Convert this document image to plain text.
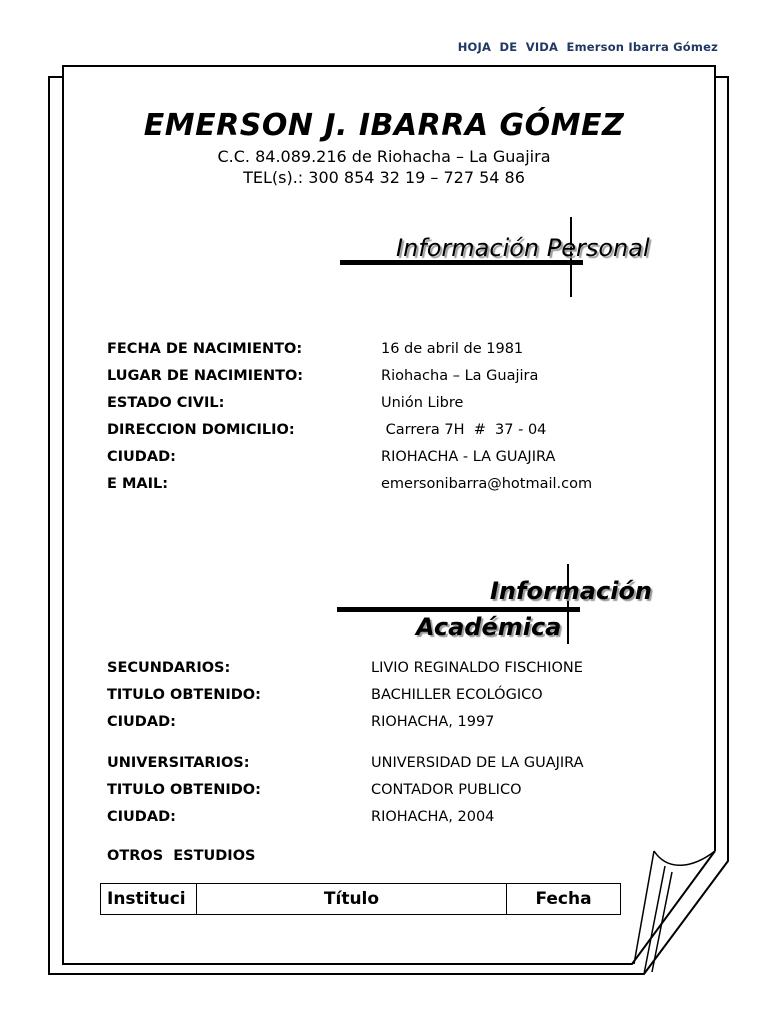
HOJA  DE  VIDA  Emerson Ibarra Gómez
EMERSON J. IBARRA GÓMEZ
C.C. 84.089.216 de Riohacha – La Guajira
TEL(s).: 300 854 32 19 – 727 54 86
Información Personal
FECHA DE NACIMIENTO:	16 de abril de 1981
LUGAR DE NACIMIENTO:	Riohacha – La Guajira
ESTADO CIVIL:	Unión Libre
DIRECCION DOMICILIO:	Carrera 7H  #  37 - 04
CIUDAD:	RIOHACHA - LA GUAJIRA
E MAIL:	emersonibarra@hotmail.com
Información
Académica
SECUNDARIOS:	LIVIO REGINALDO FISCHIONE
TITULO OBTENIDO:	BACHILLER ECOLÓGICO
CIUDAD:	RIOHACHA, 1997
UNIVERSITARIOS:	UNIVERSIDAD DE LA GUAJIRA
TITULO OBTENIDO:	CONTADOR PUBLICO
CIUDAD:	RIOHACHA, 2004
OTROS  ESTUDIOS
Instituci	Título	Fecha
